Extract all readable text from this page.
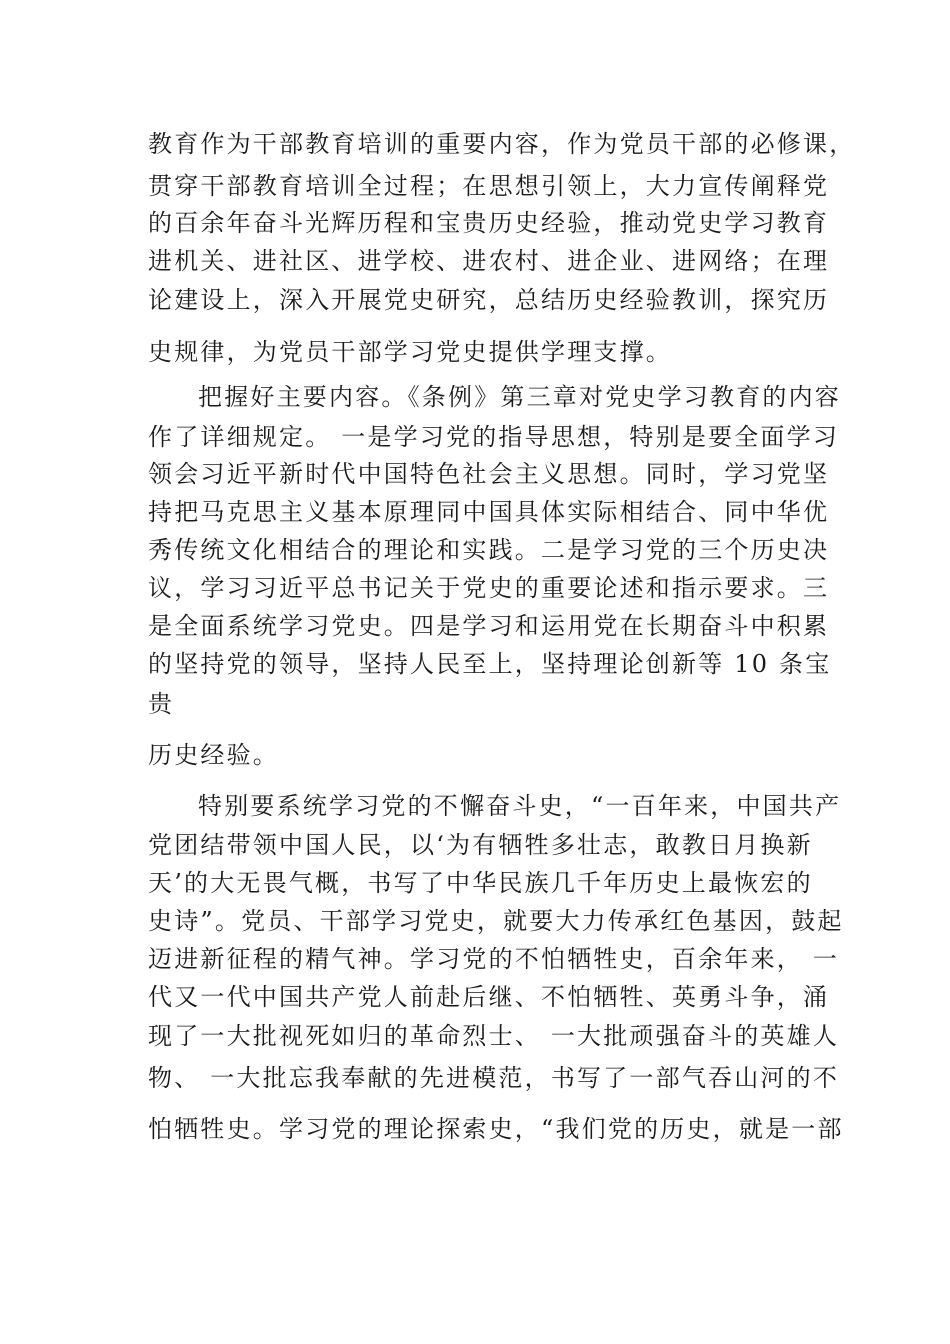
教育作为干部教育培训的重要内容，作为党员干部的必修课，
贯穿干部教育培训全过程；在思想引领上，大力宣传阐释党
的百余年奋斗光辉历程和宝贵历史经验，推动党史学习教育
进机关、进社区、进学校、进农村、进企业、进网络；在理
论建设上，深入开展党史研究，总结历史经验教训，探究历
史规律，为党员干部学习党史提供学理支撑。
把握好主要内容。《条例》第三章对党史学习教育的内容
作了详细规定。 一是学习党的指导思想，特别是要全面学习
领会习近平新时代中国特色社会主义思想。同时，学习党坚
持把马克思主义基本原理同中国具体实际相结合、同中华优
秀传统文化相结合的理论和实践。二是学习党的三个历史决
议，学习习近平总书记关于党史的重要论述和指示要求。三
是全面系统学习党史。四是学习和运用党在长期奋斗中积累
的坚持党的领导，坚持人民至上，坚持理论创新等 10 条宝
贵
历史经验。
特别要系统学习党的不懈奋斗史，“一百年来，中国共产
党团结带领中国人民，以‘为有牺牲多壮志，敢教日月换新
天’的大无畏气概，书写了中华民族几千年历史上最恢宏的
史诗”。党员、干部学习党史，就要大力传承红色基因，鼓起
迈进新征程的精气神。学习党的不怕牺牲史，百余年来， 一
代又一代中国共产党人前赴后继、不怕牺牲、英勇斗争，涌
现了一大批视死如归的革命烈士、 一大批顽强奋斗的英雄人
物、 一大批忘我奉献的先进模范，书写了一部气吞山河的不
怕牺牲史。学习党的理论探索史，“我们党的历史，就是一部
